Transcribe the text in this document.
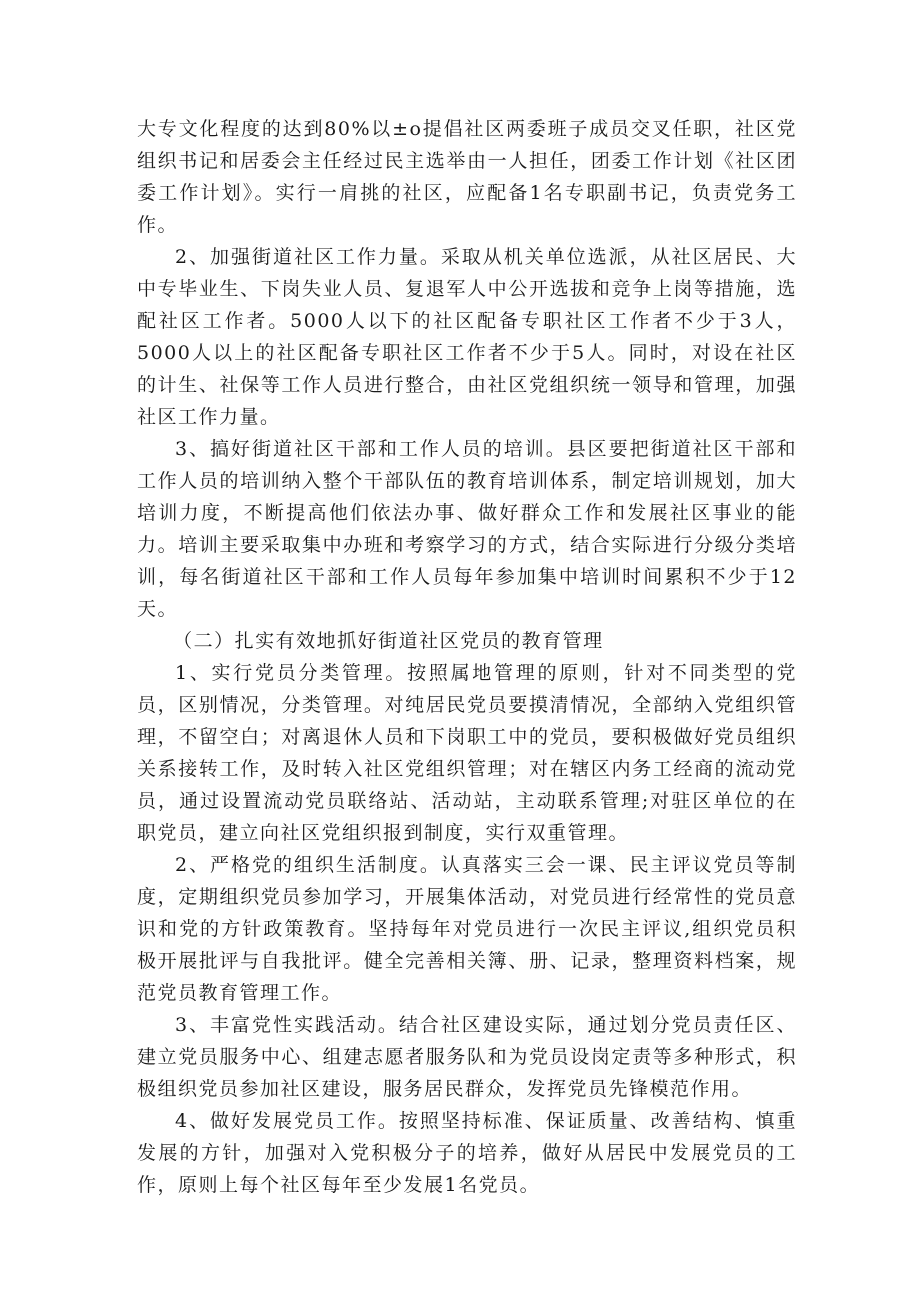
大专文化程度的达到80%以±o提倡社区两委班子成员交叉任职，社区党组织书记和居委会主任经过民主选举由一人担任，团委工作计划《社区团委工作计划》。实行一肩挑的社区，应配备1名专职副书记，负责党务工作。

2、加强街道社区工作力量。采取从机关单位选派，从社区居民、大中专毕业生、下岗失业人员、复退军人中公开选拔和竞争上岗等措施，选配社区工作者。5000人以下的社区配备专职社区工作者不少于3人，5000人以上的社区配备专职社区工作者不少于5人。同时，对设在社区的计生、社保等工作人员进行整合，由社区党组织统一领导和管理，加强社区工作力量。

3、搞好街道社区干部和工作人员的培训。县区要把街道社区干部和工作人员的培训纳入整个干部队伍的教育培训体系，制定培训规划，加大培训力度，不断提高他们依法办事、做好群众工作和发展社区事业的能力。培训主要采取集中办班和考察学习的方式，结合实际进行分级分类培训，每名街道社区干部和工作人员每年参加集中培训时间累积不少于12天。

（二）扎实有效地抓好街道社区党员的教育管理

1、实行党员分类管理。按照属地管理的原则，针对不同类型的党员，区别情况，分类管理。对纯居民党员要摸清情况，全部纳入党组织管理，不留空白；对离退休人员和下岗职工中的党员，要积极做好党员组织关系接转工作，及时转入社区党组织管理；对在辖区内务工经商的流动党员，通过设置流动党员联络站、活动站，主动联系管理;对驻区单位的在职党员，建立向社区党组织报到制度，实行双重管理。

2、严格党的组织生活制度。认真落实三会一课、民主评议党员等制度，定期组织党员参加学习，开展集体活动，对党员进行经常性的党员意识和党的方针政策教育。坚持每年对党员进行一次民主评议,组织党员积极开展批评与自我批评。健全完善相关簿、册、记录，整理资料档案，规范党员教育管理工作。

3、丰富党性实践活动。结合社区建设实际，通过划分党员责任区、建立党员服务中心、组建志愿者服务队和为党员设岗定责等多种形式，积极组织党员参加社区建设，服务居民群众，发挥党员先锋模范作用。

4、做好发展党员工作。按照坚持标准、保证质量、改善结构、慎重发展的方针，加强对入党积极分子的培养，做好从居民中发展党员的工作，原则上每个社区每年至少发展1名党员。
